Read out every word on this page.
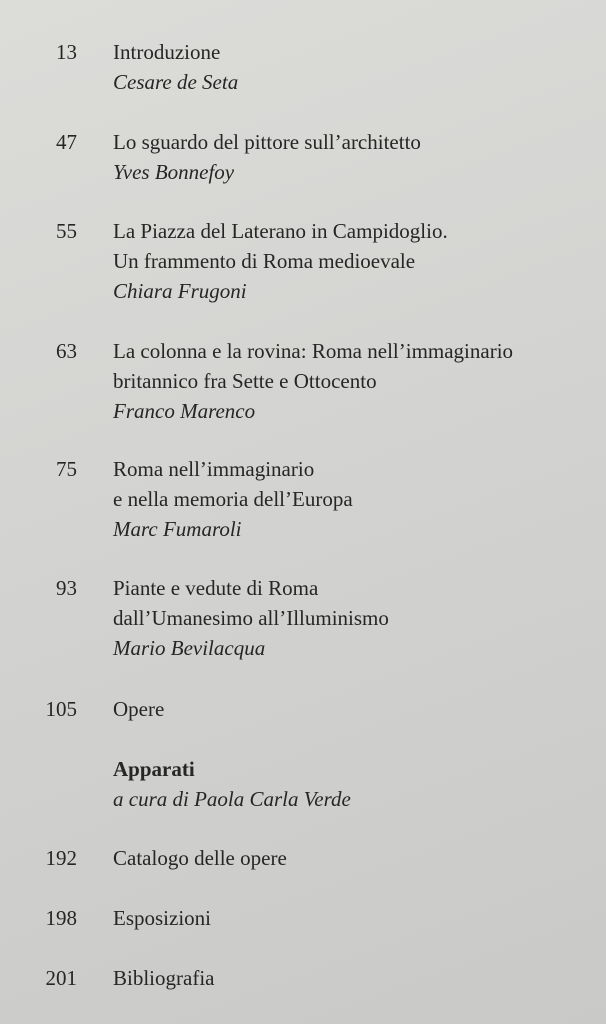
13 Introduzione
Cesare de Seta
47 Lo sguardo del pittore sull’architetto
Yves Bonnefoy
55 La Piazza del Laterano in Campidoglio.
Un frammento di Roma medioevale
Chiara Frugoni
63 La colonna e la rovina: Roma nell’immaginario
britannico fra Sette e Ottocento
Franco Marenco
75 Roma nell’immaginario
e nella memoria dell’Europa
Marc Fumaroli
93 Piante e vedute di Roma
dall’Umanesimo all’Illuminismo
Mario Bevilacqua
105 Opere
Apparati
a cura di Paola Carla Verde
192 Catalogo delle opere
198 Esposizioni
201 Bibliografia
